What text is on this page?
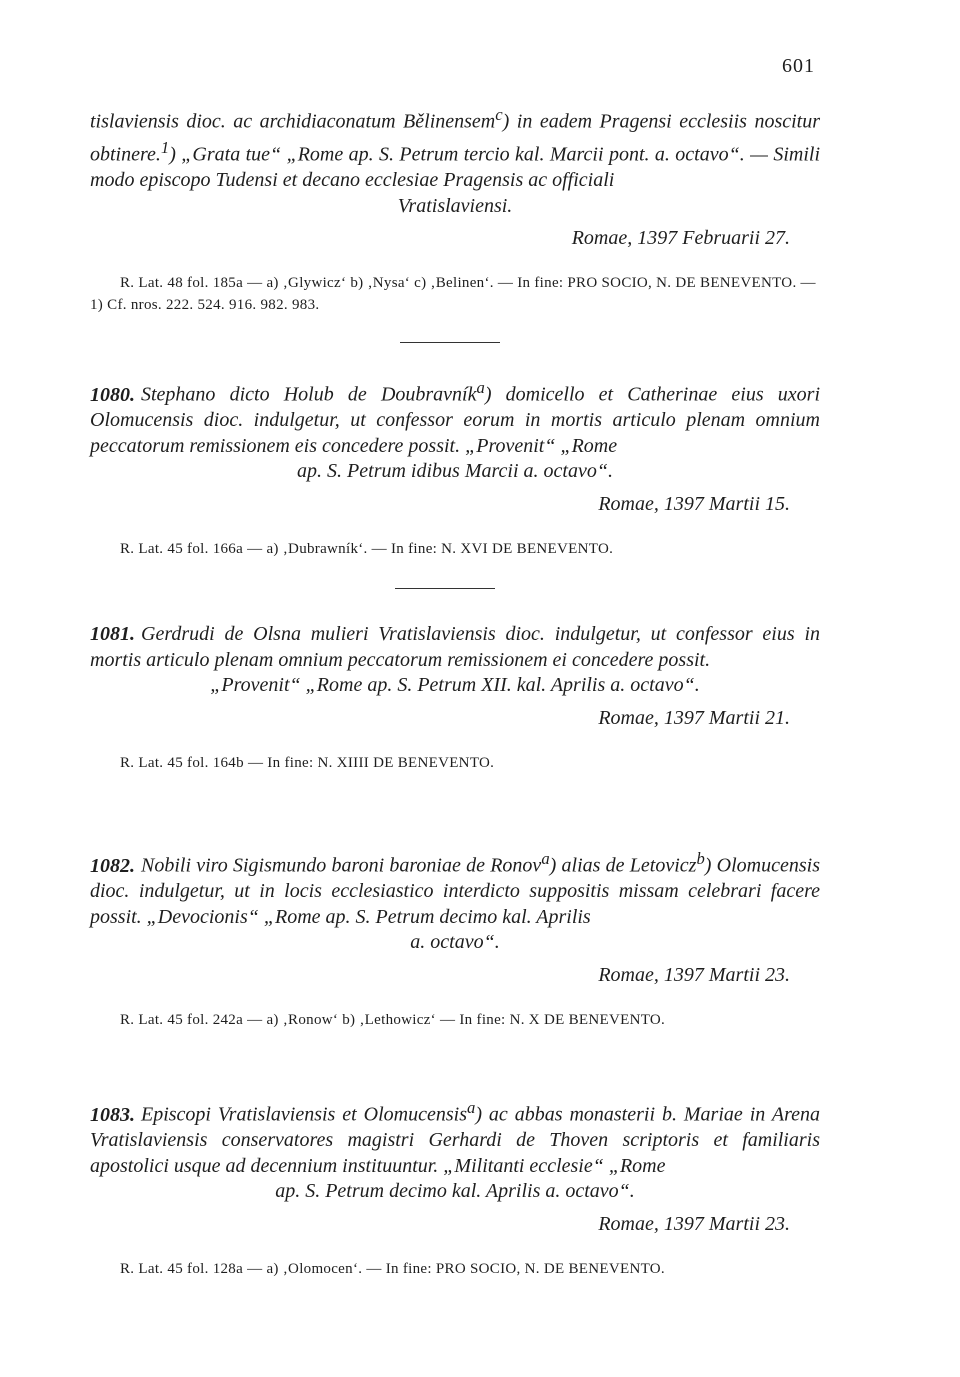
601

tislaviensis dioc. ac archidiaconatum Bělinensem$^c$) in eadem Pragensi ecclesiis noscitur obtinere.$^1$) „Grata tue“ „Rome ap. S. Petrum tercio kal. Marcii pont. a. octavo“. — Simili modo episcopo Tudensi et decano ecclesiae Pragensis ac officiali
Vratislaviensi.

Romae, 1397 Februarii 27.
R. Lat. 48 fol. 185a — a) ‚Glywicz‘ b) ‚Nysa‘ c) ‚Belinen‘. — In fine: PRO SOCIO, N. DE BENEVENTO. — 1) Cf. nros. 222. 524. 916. 982. 983.

1080. Stephano dicto Holub de Doubravník$^a$) domicello et Catherinae eius uxori Olomucensis dioc. indulgetur, ut confessor eorum in mortis articulo plenam omnium peccatorum remissionem eis concedere possit. „Provenit“ „Rome
ap. S. Petrum idibus Marcii a. octavo“.

Romae, 1397 Martii 15.
R. Lat. 45 fol. 166a — a) ‚Dubrawník‘. — In fine: N. XVI DE BENEVENTO.

1081. Gerdrudi de Olsna mulieri Vratislaviensis dioc. indulgetur, ut confessor eius in mortis articulo plenam omnium peccatorum remissionem ei concedere possit.
„Provenit“ „Rome ap. S. Petrum XII. kal. Aprilis a. octavo“.

Romae, 1397 Martii 21.
R. Lat. 45 fol. 164b — In fine: N. XIIII DE BENEVENTO.

1082. Nobili viro Sigismundo baroni baroniae de Ronov$^a$) alias de Letovicz$^b$) Olomucensis dioc. indulgetur, ut in locis ecclesiastico interdicto suppositis missam celebrari facere possit. „Devocionis“ „Rome ap. S. Petrum decimo kal. Aprilis
a. octavo“.

Romae, 1397 Martii 23.
R. Lat. 45 fol. 242a — a) ‚Ronow‘ b) ‚Lethowicz‘ — In fine: N. X DE BENEVENTO.

1083. Episcopi Vratislaviensis et Olomucensis$^a$) ac abbas monasterii b. Mariae in Arena Vratislaviensis conservatores magistri Gerhardi de Thoven scriptoris et familiaris apostolici usque ad decennium instituuntur. „Militanti ecclesie“ „Rome
ap. S. Petrum decimo kal. Aprilis a. octavo“.

Romae, 1397 Martii 23.
R. Lat. 45 fol. 128a — a) ‚Olomocen‘. — In fine: PRO SOCIO, N. DE BENEVENTO.
